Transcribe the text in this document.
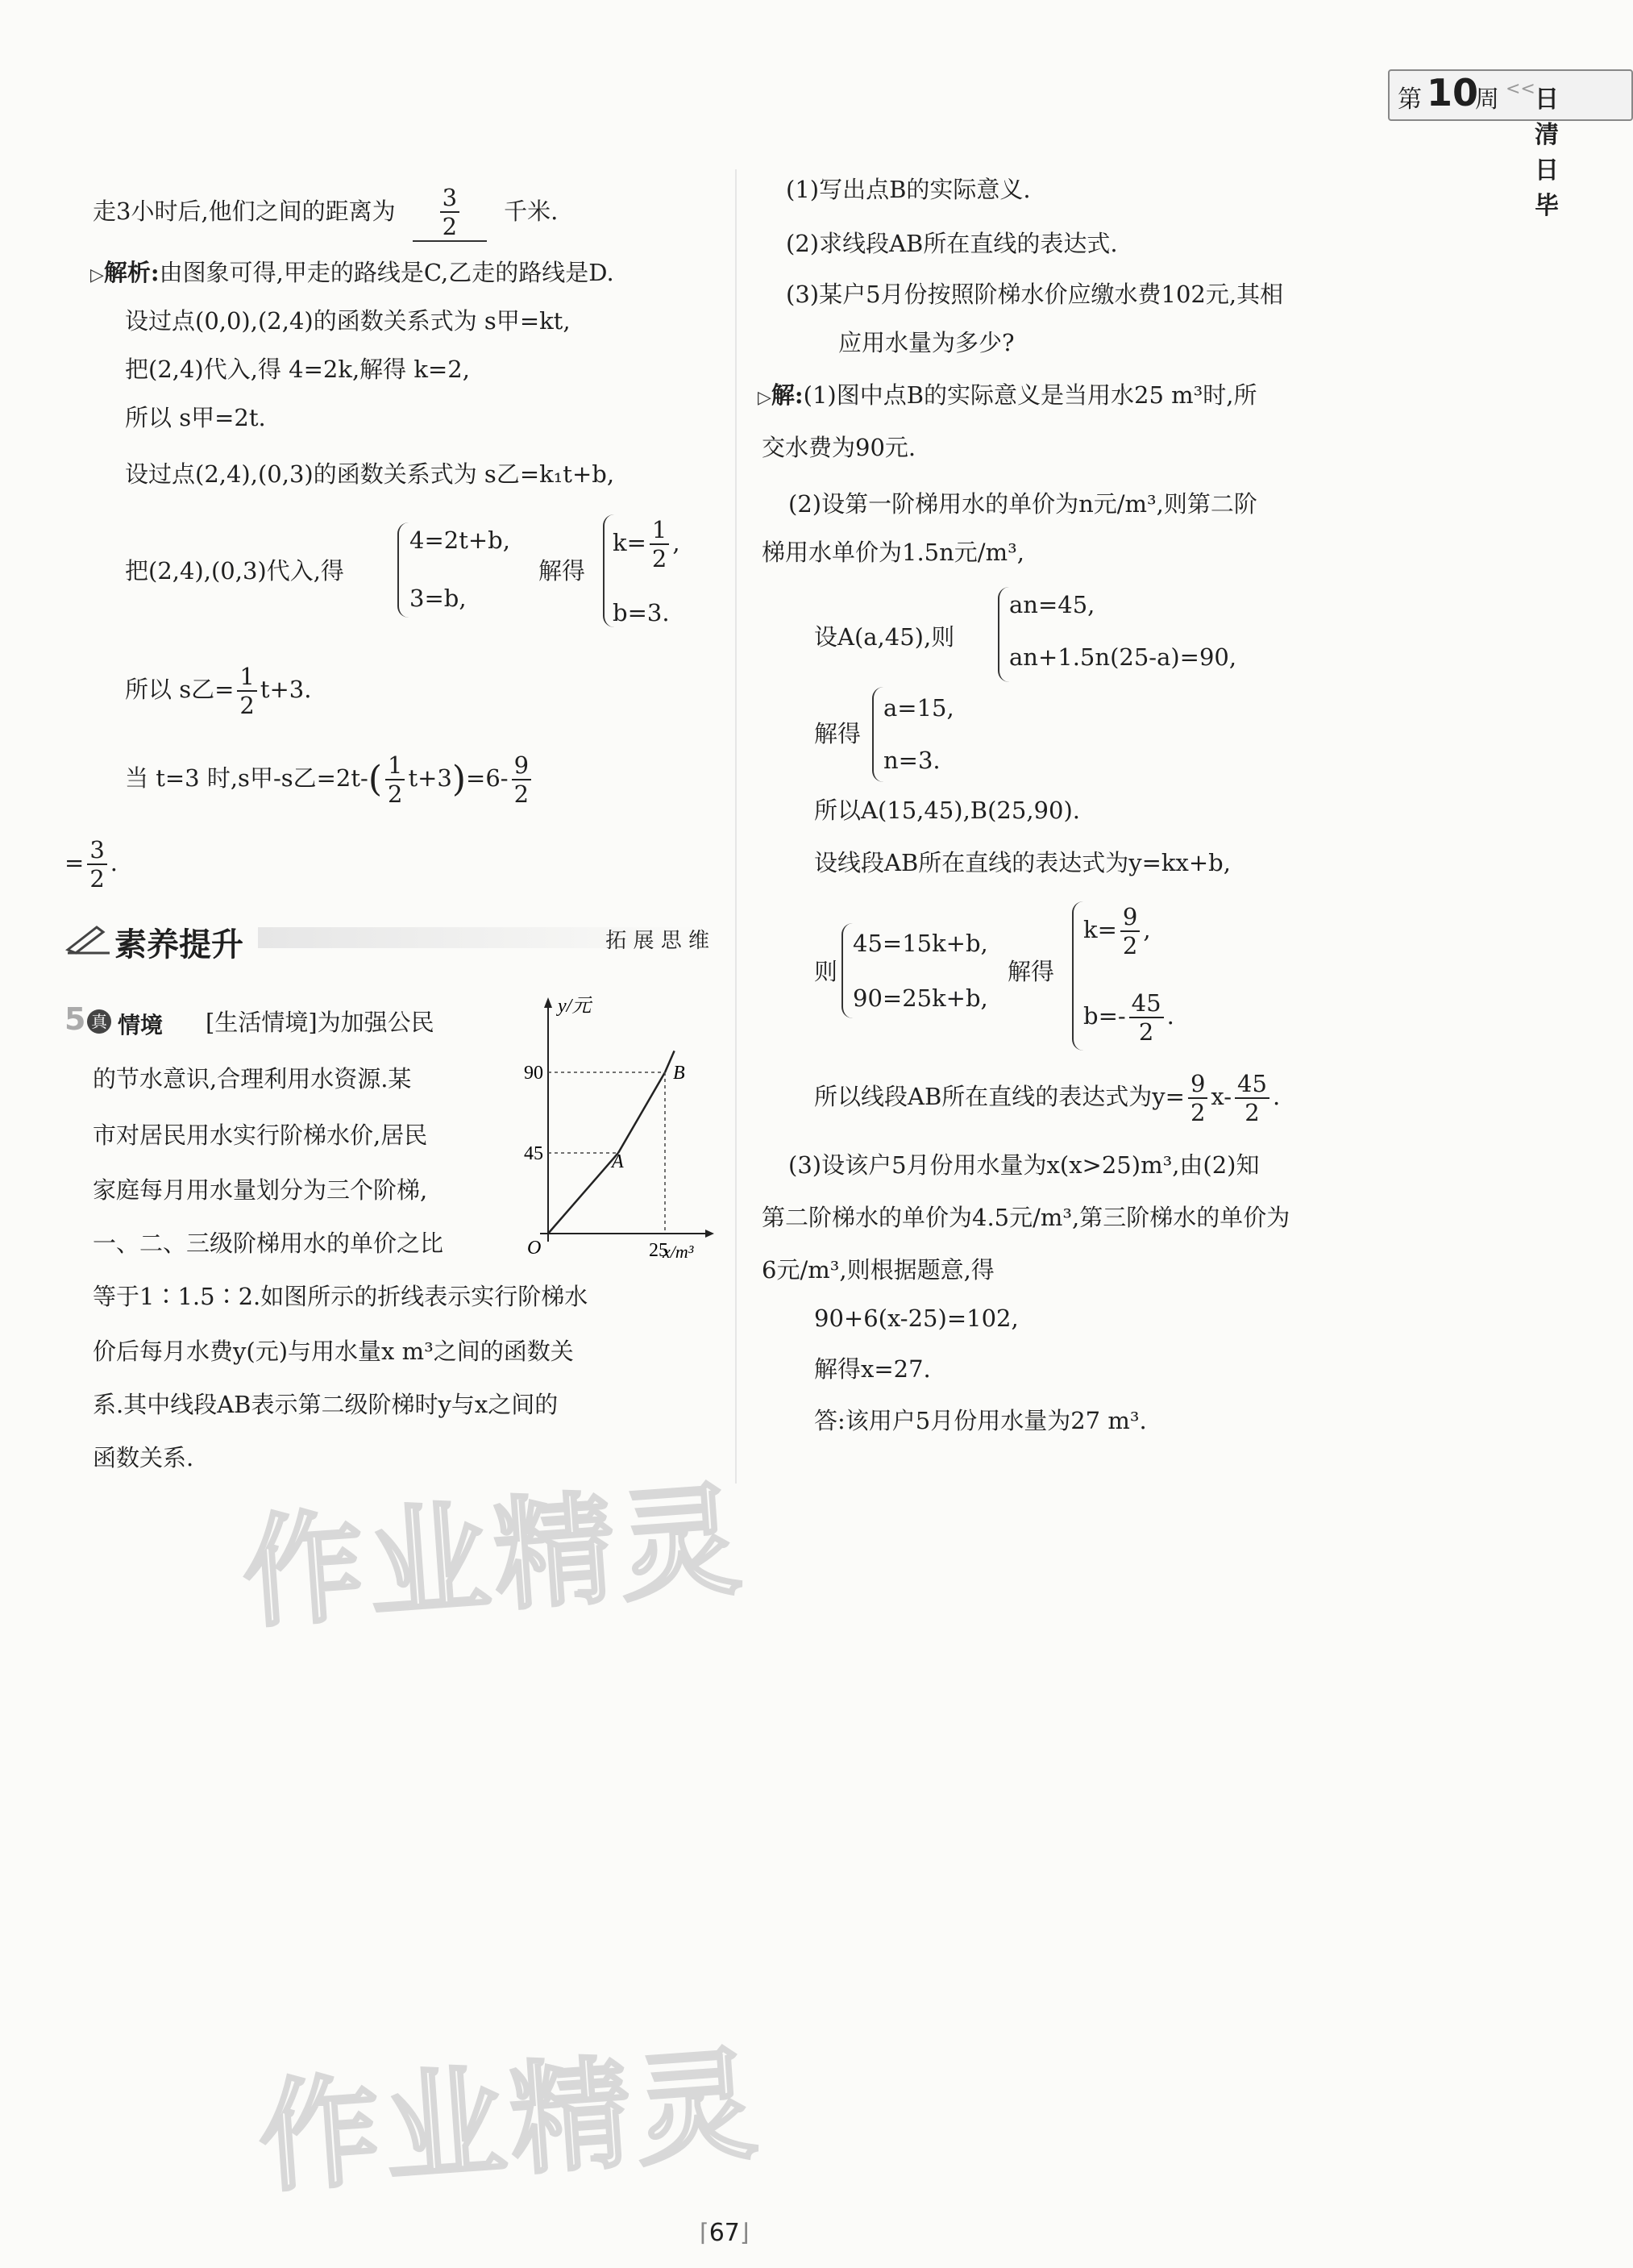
第 10
周 << 日清日毕
走3小时后,他们之间的距离为 $\frac{3}{2}$ 千米.
▷解析:由图象可得,甲走的路线是C,乙走的路线是D.
设过点(0,0),(2,4)的函数关系式为 s甲=kt,
把(2,4)代入,得 4=2k,解得 k=2,
所以 s甲=2t.
设过点(2,4),(0,3)的函数关系式为 s乙=k₁t+b,
把(2,4),(0,3)代入,得
4=2t+b,
3=b,
解得
$k= \frac{1}{2}$ ,
b=3.
所以 s乙= $\frac{1}{2} t+3$.
当 t=3 时,s甲-s乙$=2t-( \frac{1}{2} t+3)=6- \frac{9}{2}$
= $\frac{3}{2}$ .
素养提升	拓 展 思 维
5 真 情境 [生活情境]为加强公民
的节水意识,合理利用水资源.某
市对居民用水实行阶梯水价,居民
家庭每月用水量划分为三个阶梯,
一、二、三级阶梯用水的单价之比
等于1∶1.5∶2.如图所示的折线表示实行阶梯水
价后每月水费y(元)与用水量x m³之间的函数关
系.其中线段AB表示第二级阶梯时y与x之间的
函数关系.
45
90
25
A
B
y/元
x/m³
O
(1)写出点B的实际意义.
(2)求线段AB所在直线的表达式.
(3)某户5月份按照阶梯水价应缴水费102元,其相
应用水量为多少?
▷解:(1)图中点B的实际意义是当用水25 m³时,所
交水费为90元.
(2)设第一阶梯用水的单价为n元/m³,则第二阶
梯用水单价为1.5n元/m³,
设A(a,45),则
an=45,
an+1.5n(25-a)=90,
解得
a=15,
n=3.
所以A(15,45),B(25,90).
设线段AB所在直线的表达式为y=kx+b,
则
45=15k+b,
90=25k+b,
解得
$k= \frac{9}{2}$ ,
$b=- \frac{45}{2}$ .
所以线段AB所在直线的表达式为$y= \frac{9}{2} x- \frac{45}{2}$ .
(3)设该户5月份用水量为x(x>25)m³,由(2)知
第二阶梯水的单价为4.5元/m³,第三阶梯水的单价为
6元/m³,则根据题意,得
90+6(x-25)=102,
解得x=27.
答:该用户5月份用水量为27 m³.
作业精灵
作业精灵
⌈67⌋
